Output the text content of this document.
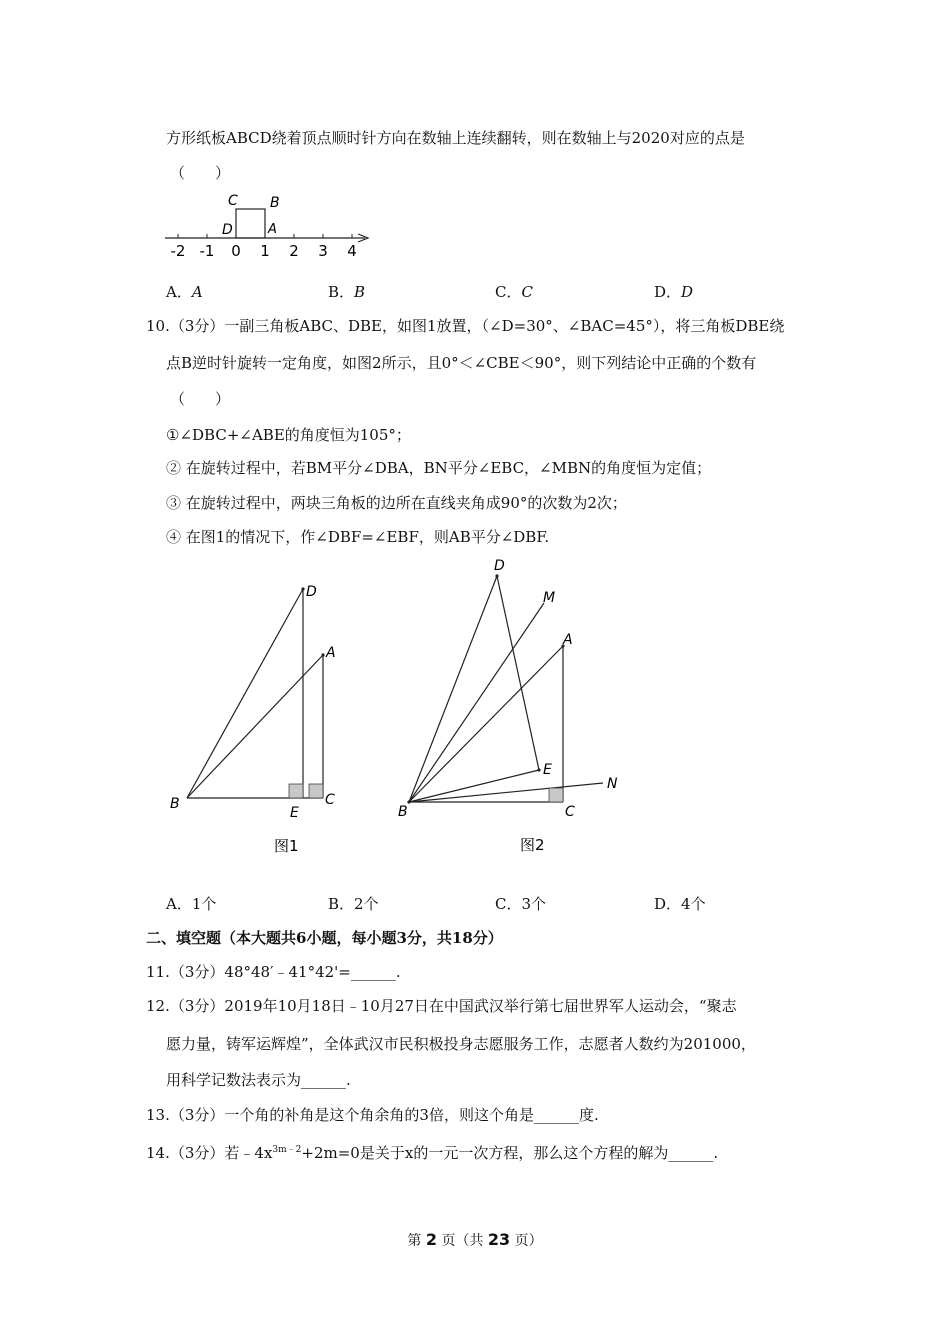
方形纸板ABCD绕着顶点顺时针方向在数轴上连续翻转，则在数轴上与2020对应的点是
（　　）
C B
D	A
-2 -1 0 1 2 3 4
A．A	B．B	C．C	D．D
10.（3分）一副三角板ABC、DBE，如图1放置，（∠D=30°、∠BAC=45°），将三角板DBE绕
点B逆时针旋转一定角度，如图2所示，且0°＜∠CBE＜90°，则下列结论中正确的个数有
（　　）
①∠DBC+∠ABE的角度恒为105°；
② 在旋转过程中，若BM平分∠DBA，BN平分∠EBC，∠MBN的角度恒为定值；
③ 在旋转过程中，两块三角板的边所在直线夹角成90°的次数为2次；
④ 在图1的情况下，作∠DBF=∠EBF，则AB平分∠DBF.
D
A
B
E
C
图1
D
M
A
E
N
B	C
图2
A．1个	B．2个	C．3个	D．4个
二、填空题（本大题共6小题，每小题3分，共18分）
11.（3分）48°48′﹣41°42'=______.
12.（3分）2019年10月18日﹣10月27日在中国武汉举行第七届世界军人运动会，“聚志
愿力量，铸军运辉煌”，全体武汉市民积极投身志愿服务工作，志愿者人数约为201000，
用科学记数法表示为______.
13.（3分）一个角的补角是这个角余角的3倍，则这个角是______度.
14.（3分）若$﹣4x^{3m﹣2}+2m=0$是关于x的一元一次方程，那么这个方程的解为______.
第 2 页（共 23 页）
